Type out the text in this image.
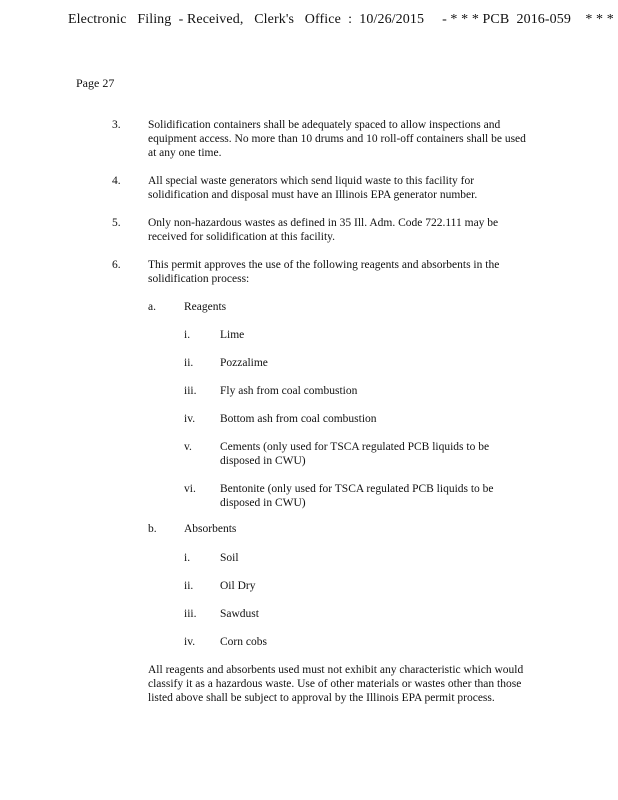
Electronic   Filing  - Received,   Clerk's   Office  :  10/26/2015     - * * * PCB  2016-059    * * *
Page 27
3.	Solidification containers shall be adequately spaced to allow inspections and equipment access. No more than 10 drums and 10 roll-off containers shall be used at any one time.
4.	All special waste generators which send liquid waste to this facility for solidification and disposal must have an Illinois EPA generator number.
5.	Only non-hazardous wastes as defined in 35 Ill. Adm. Code 722.111 may be received for solidification at this facility.
6.	This permit approves the use of the following reagents and absorbents in the solidification process:
a.	Reagents
i.	Lime
ii.	Pozzalime
iii.	Fly ash from coal combustion
iv.	Bottom ash from coal combustion
v.	Cements (only used for TSCA regulated PCB liquids to be disposed in CWU)
vi.	Bentonite (only used for TSCA regulated PCB liquids to be disposed in CWU)
b.	Absorbents
i.	Soil
ii.	Oil Dry
iii.	Sawdust
iv.	Corn cobs
All reagents and absorbents used must not exhibit any characteristic which would classify it as a hazardous waste. Use of other materials or wastes other than those listed above shall be subject to approval by the Illinois EPA permit process.
